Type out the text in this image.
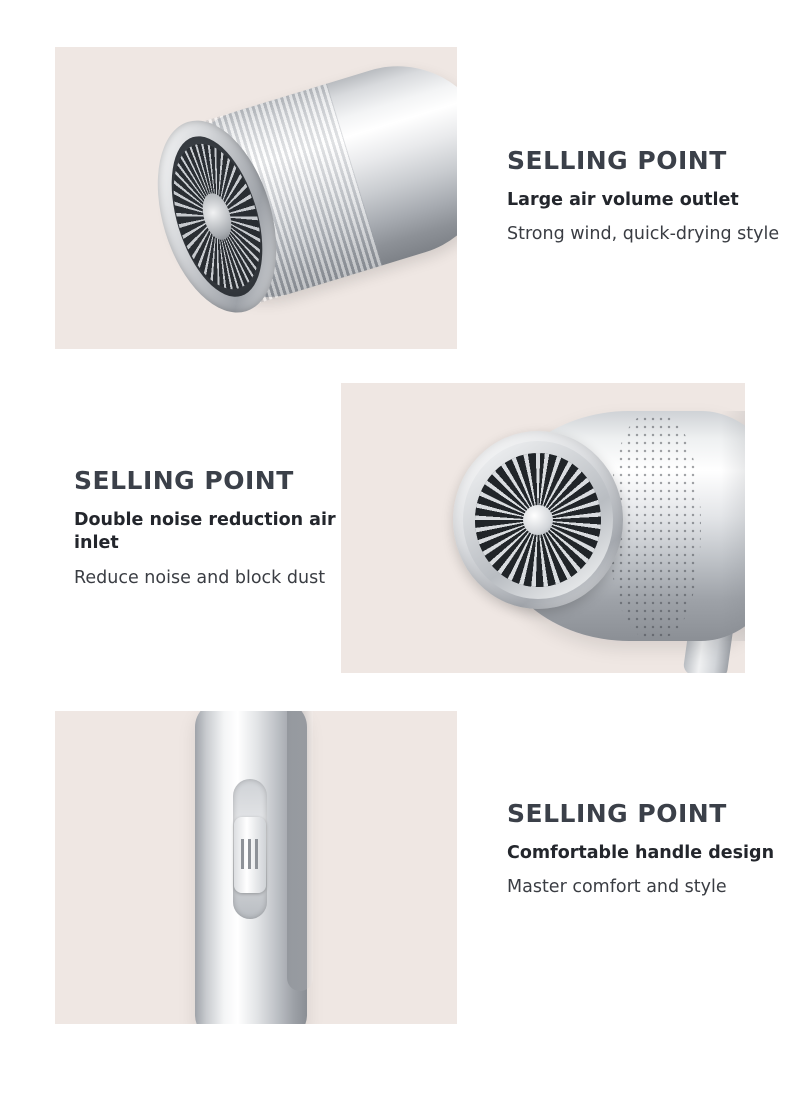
SELLING POINT
Large air volume outlet
Strong wind, quick-drying style
SELLING POINT
Double noise reduction air inlet
Reduce noise and block dust
SELLING POINT
Comfortable handle design
Master comfort and style
